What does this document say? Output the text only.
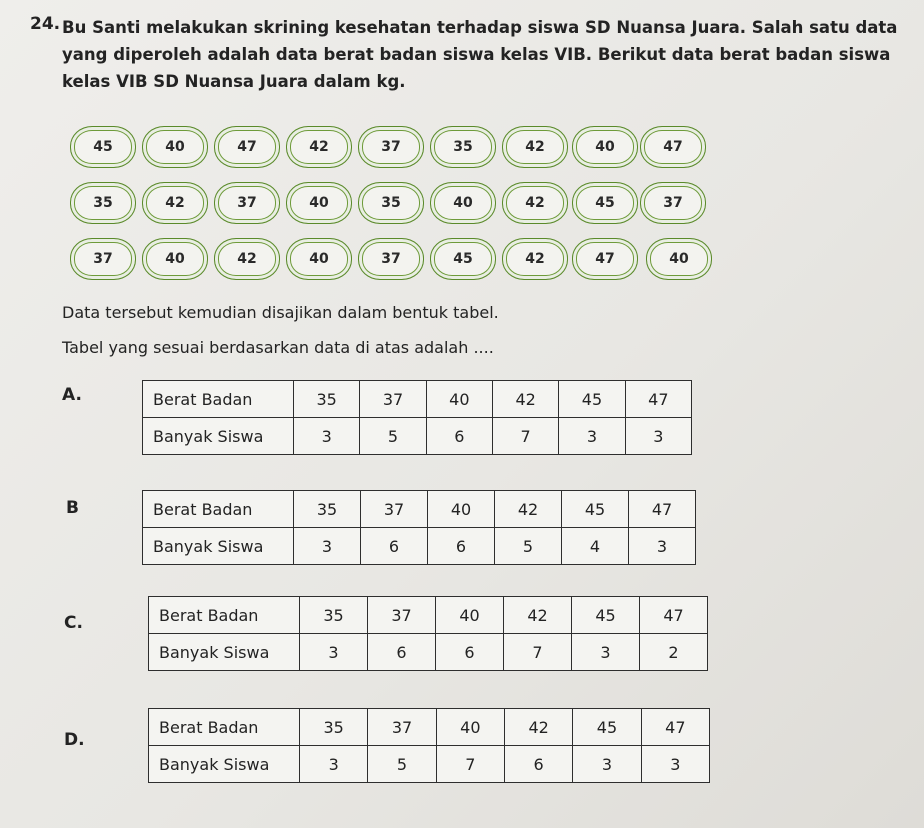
24. Bu Santi melakukan skrining kesehatan terhadap siswa SD Nuansa Juara. Salah satu data yang diperoleh adalah data berat badan siswa kelas VIB. Berikut data berat badan siswa kelas VIB SD Nuansa Juara dalam kg.
45	40	47	42	37	35	42	40	47
35	42	37	40	35	40	42	45	37
37	40	42	40	37	45	42	47	40
Data tersebut kemudian disajikan dalam bentuk tabel.
Tabel yang sesuai berdasarkan data di atas adalah ....
A.	Berat Badan	35	37	40	42	45	47
Banyak Siswa	3	5	6	7	3	3
B	Berat Badan	35	37	40	42	45	47
Banyak Siswa	3	6	6	5	4	3
C.	Berat Badan	35	37	40	42	45	47
Banyak Siswa	3	6	6	7	3	2
D.
Berat Badan	35	37	40	42	45	47
Banyak Siswa	3	5	7	6	3	3
